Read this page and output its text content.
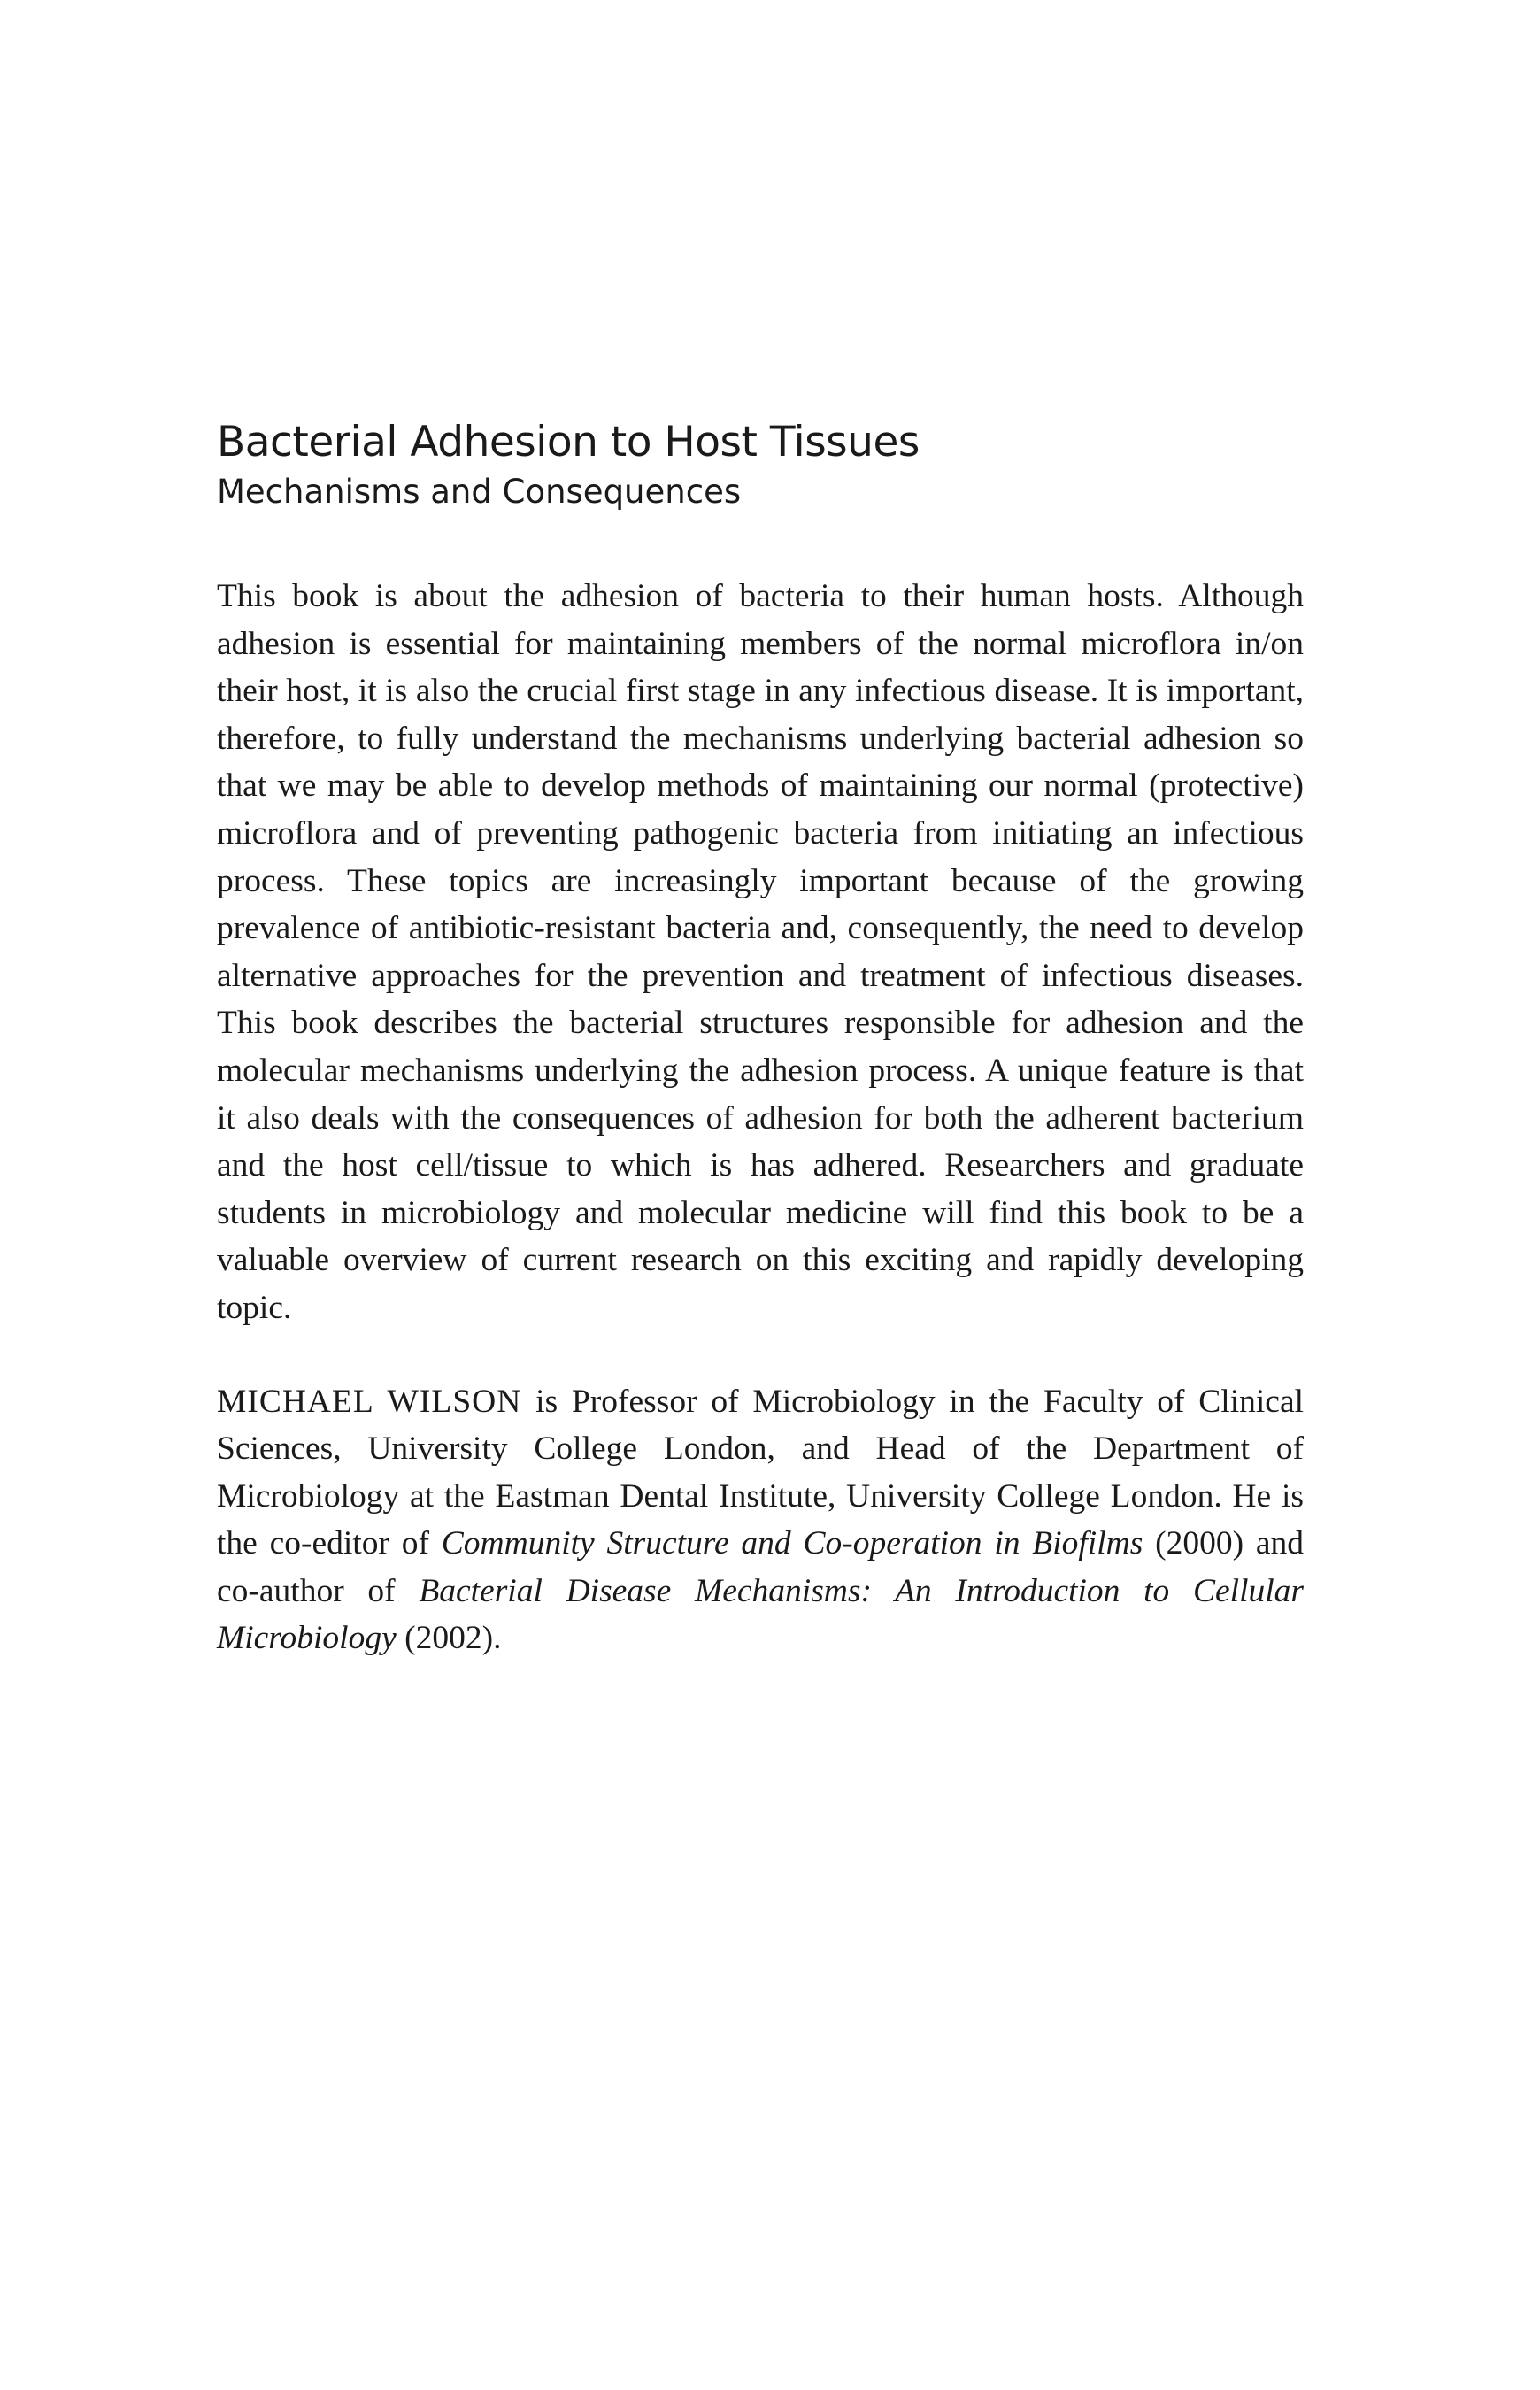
Bacterial Adhesion to Host Tissues
Mechanisms and Consequences

This book is about the adhesion of bacteria to their human hosts. Although adhesion is essential for maintaining members of the normal microflora in/on their host, it is also the crucial first stage in any infectious disease. It is important, therefore, to fully understand the mechanisms underlying bacterial adhesion so that we may be able to develop methods of maintaining our normal (protective) microflora and of preventing pathogenic bacteria from initiating an infectious process. These topics are increasingly important because of the growing prevalence of antibiotic-resistant bacteria and, consequently, the need to develop alternative approaches for the prevention and treatment of infectious diseases. This book describes the bacterial structures responsible for adhesion and the molecular mechanisms underlying the adhesion process. A unique feature is that it also deals with the consequences of adhesion for both the adherent bacterium and the host cell/​tissue to which is has adhered. Researchers and graduate students in microbiology and molecular medicine will find this book to be a valuable overview of current research on this exciting and rapidly developing topic.

MICHAEL WILSON is Professor of Microbiology in the Faculty of Clinical Sciences, University College London, and Head of the Department of Microbiology at the Eastman Dental Institute, University College London. He is the co-editor of Community Structure and Co-operation in Biofilms (2000) and co-author of Bacterial Disease Mechanisms: An Introduction to Cellular Microbiology (2002).
